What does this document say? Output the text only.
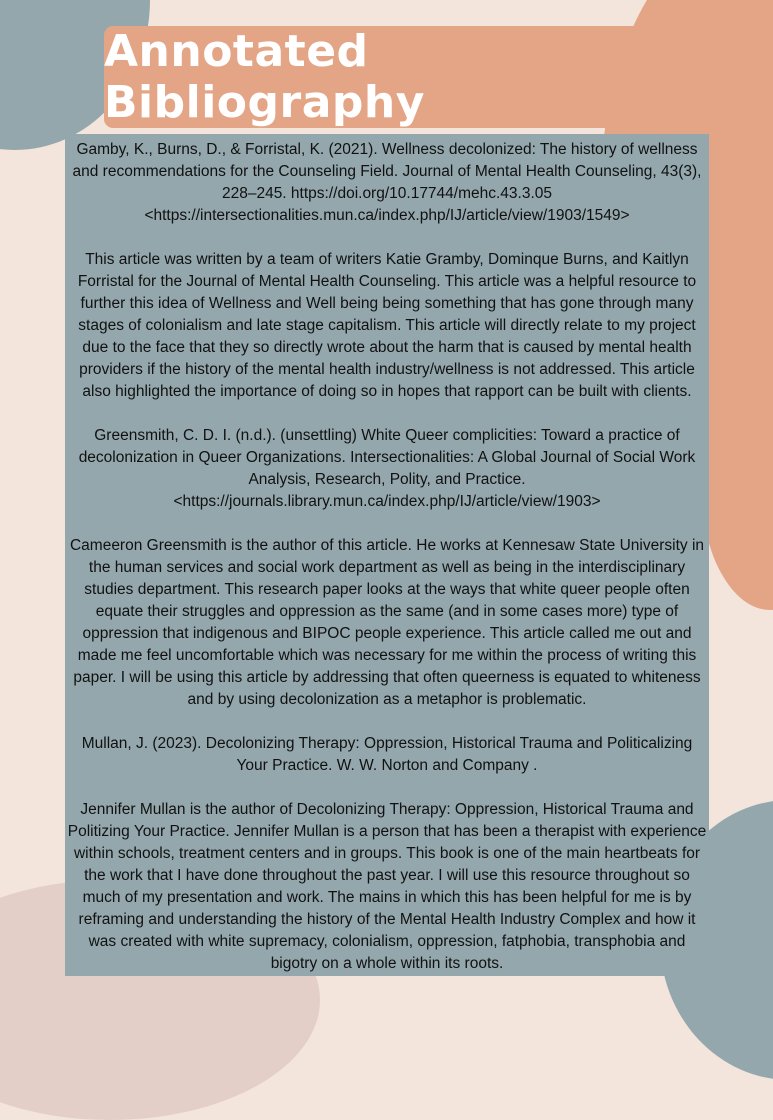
Annotated Bibliography

Gamby, K., Burns, D., & Forristal, K. (2021). Wellness decolonized: The history of wellness
and recommendations for the Counseling Field. Journal of Mental Health Counseling, 43(3),
228–245. https://doi.org/10.17744/mehc.43.3.05
<https://intersectionalities.mun.ca/index.php/IJ/article/view/1903/1549>

This article was written by a team of writers Katie Gramby, Dominque Burns, and Kaitlyn
Forristal for the Journal of Mental Health Counseling. This article was a helpful resource to
further this idea of Wellness and Well being being something that has gone through many
stages of colonialism and late stage capitalism. This article will directly relate to my project
due to the face that they so directly wrote about the harm that is caused by mental health
providers if the history of the mental health industry/wellness is not addressed. This article
also highlighted the importance of doing so in hopes that rapport can be built with clients.

Greensmith, C. D. I. (n.d.). (unsettling) White Queer complicities: Toward a practice of
decolonization in Queer Organizations. Intersectionalities: A Global Journal of Social Work
Analysis, Research, Polity, and Practice.
<https://journals.library.mun.ca/index.php/IJ/article/view/1903>

Cameeron Greensmith is the author of this article. He works at Kennesaw State University in
the human services and social work department as well as being in the interdisciplinary
studies department. This research paper looks at the ways that white queer people often
equate their struggles and oppression as the same (and in some cases more) type of
oppression that indigenous and BIPOC people experience. This article called me out and
made me feel uncomfortable which was necessary for me within the process of writing this
paper. I will be using this article by addressing that often queerness is equated to whiteness
and by using decolonization as a metaphor is problematic.

Mullan, J. (2023). Decolonizing Therapy: Oppression, Historical Trauma and Politicalizing
Your Practice. W. W. Norton and Company .

Jennifer Mullan is the author of Decolonizing Therapy: Oppression, Historical Trauma and
Politizing Your Practice. Jennifer Mullan is a person that has been a therapist with experience
within schools, treatment centers and in groups. This book is one of the main heartbeats for
the work that I have done throughout the past year. I will use this resource throughout so
much of my presentation and work. The mains in which this has been helpful for me is by
reframing and understanding the history of the Mental Health Industry Complex and how it
was created with white supremacy, colonialism, oppression, fatphobia, transphobia and
bigotry on a whole within its roots.
